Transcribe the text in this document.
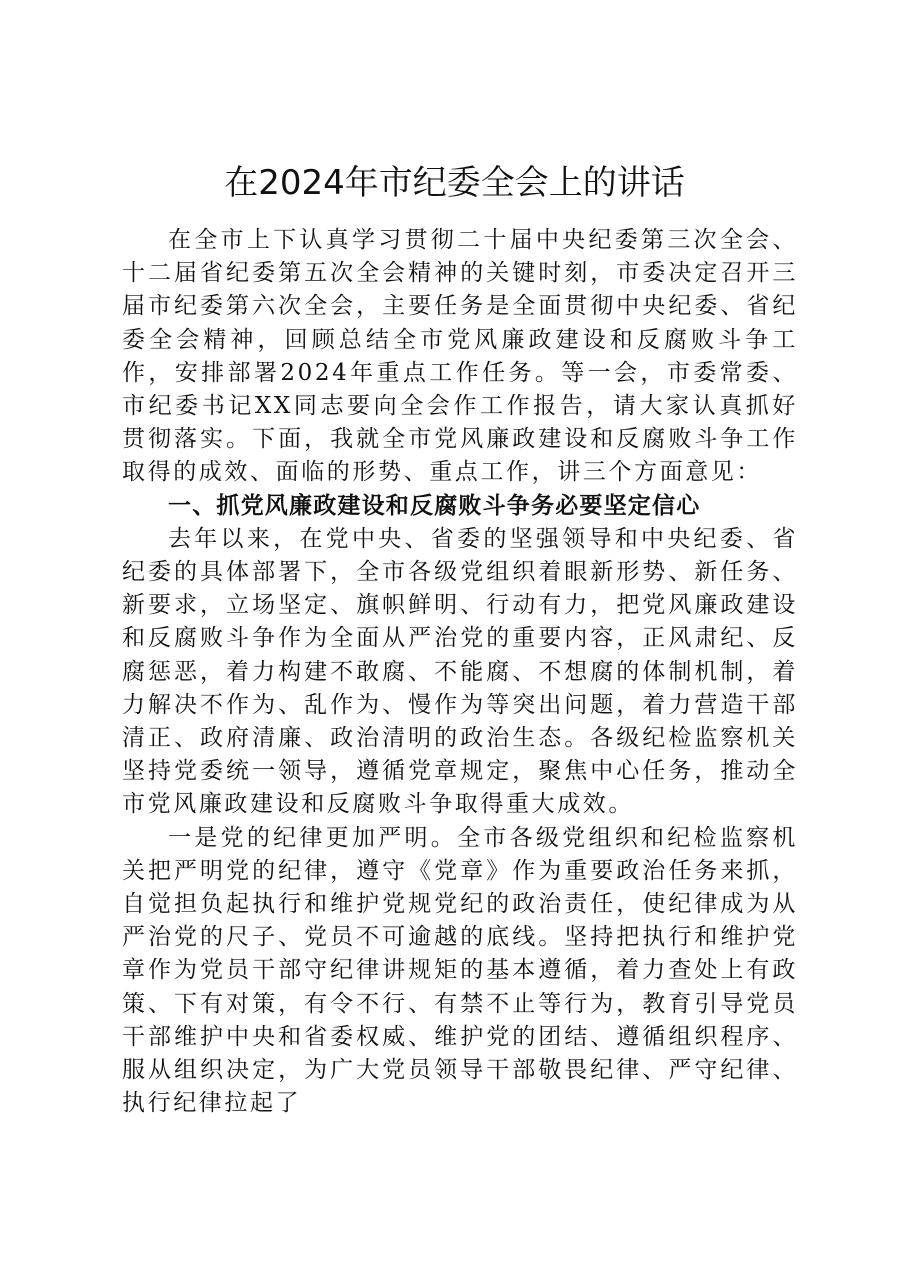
在2024年市纪委全会上的讲话

在全市上下认真学习贯彻二十届中央纪委第三次全会、十二届省纪委第五次全会精神的关键时刻，市委决定召开三届市纪委第六次全会，主要任务是全面贯彻中央纪委、省纪委全会精神，回顾总结全市党风廉政建设和反腐败斗争工作，安排部署2024年重点工作任务。等一会，市委常委、市纪委书记XX同志要向全会作工作报告，请大家认真抓好贯彻落实。下面，我就全市党风廉政建设和反腐败斗争工作取得的成效、面临的形势、重点工作，讲三个方面意见：

一、抓党风廉政建设和反腐败斗争务必要坚定信心

去年以来，在党中央、省委的坚强领导和中央纪委、省纪委的具体部署下，全市各级党组织着眼新形势、新任务、新要求，立场坚定、旗帜鲜明、行动有力，把党风廉政建设和反腐败斗争作为全面从严治党的重要内容，正风肃纪、反腐惩恶，着力构建不敢腐、不能腐、不想腐的体制机制，着力解决不作为、乱作为、慢作为等突出问题，着力营造干部清正、政府清廉、政治清明的政治生态。各级纪检监察机关坚持党委统一领导，遵循党章规定，聚焦中心任务，推动全市党风廉政建设和反腐败斗争取得重大成效。

一是党的纪律更加严明。全市各级党组织和纪检监察机关把严明党的纪律，遵守《党章》作为重要政治任务来抓，自觉担负起执行和维护党规党纪的政治责任，使纪律成为从严治党的尺子、党员不可逾越的底线。坚持把执行和维护党章作为党员干部守纪律讲规矩的基本遵循，着力查处上有政策、下有对策，有令不行、有禁不止等行为，教育引导党员干部维护中央和省委权威、维护党的团结、遵循组织程序、服从组织决定，为广大党员领导干部敬畏纪律、严守纪律、执行纪律拉起了
